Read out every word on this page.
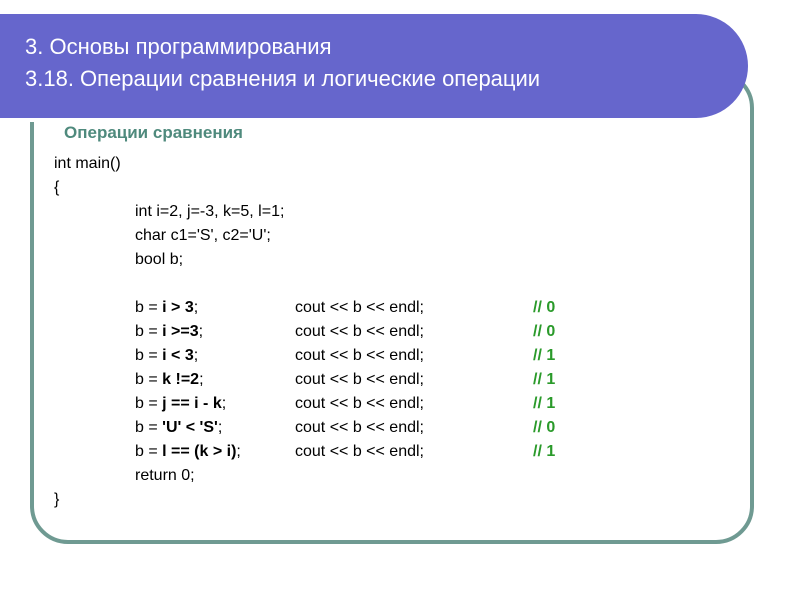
3. Основы программирования
3.18. Операции сравнения и логические операции
Операции сравнения
int main()
{
int i=2, j=-3, k=5, l=1;
char c1='S', c2='U';
bool b;
b = i > 3;	cout << b << endl;	// 0
b = i >=3;	cout << b << endl;	// 0
b = i < 3;	cout << b << endl;	// 1
b = k !=2;	cout << b << endl;	// 1
b = j == i - k;	cout << b << endl;	// 1
b = 'U' < 'S';	cout << b << endl;	// 0
b = l == (k > i);	cout << b << endl;	// 1
return 0;
}
